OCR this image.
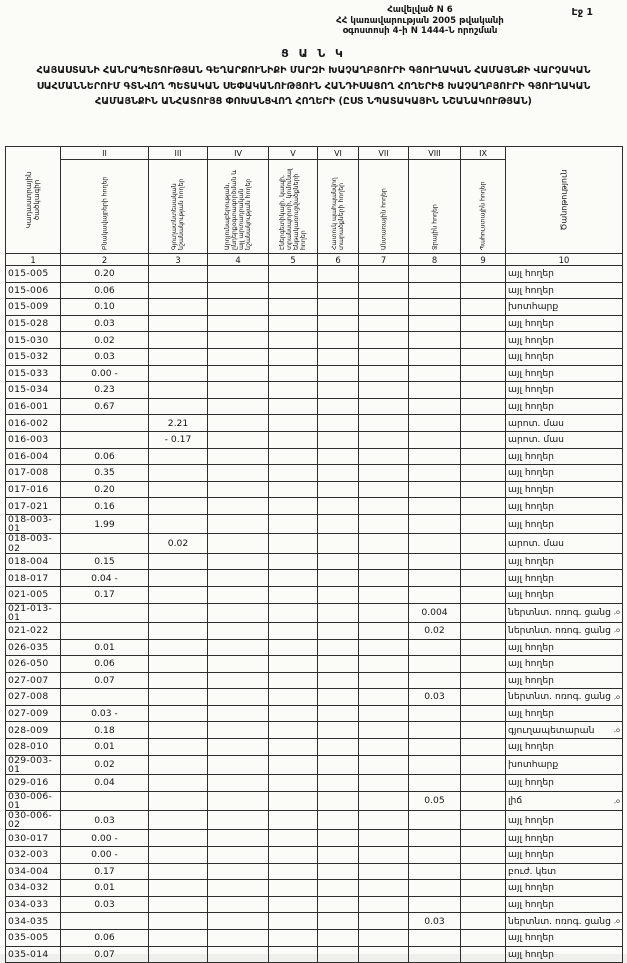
Էջ 1
Հավելված N 6
ՀՀ կառավարության 2005 թվականի
օգոստոսի 4-ի N 1444-Ն որոշման
Ց Ա Ն Կ
ՀԱՅԱՍՏԱՆԻ ՀԱՆՐԱՊԵՏՈՒԹՅԱՆ ԳԵՂԱՐՔՈՒՆԻՔԻ ՄԱՐԶԻ ԽԱՉԱՂԲՅՈՒՐԻ ԳՅՈՒՂԱԿԱՆ ՀԱՄԱՅՆՔԻ ՎԱՐՉԱԿԱՆ ՍԱՀՄԱՆՆԵՐՈՒՄ ԳՏՆՎՈՂ ՊԵՏԱԿԱՆ ՍԵՓԱԿԱՆՈՒԹՅՈՒՆ ՀԱՆԴԻՍԱՑՈՂ ՀՈՂԵՐԻՑ ԽԱՉԱՂԲՅՈՒՐԻ ԳՅՈՒՂԱԿԱՆ ՀԱՄԱՅՆՔԻՆ ԱՆՀԱՏՈՒՅՑ ՓՈԽԱՆՑՎՈՂ ՀՈՂԵՐԻ (ԸՍՏ ՆՊԱՏԱԿԱՅԻՆ ՆՇԱՆԱԿՈՒԹՅԱՆ)
Կադաստրային ծածկագիր	II	III	IV	V	VI	VII	VIII	IX	Ծանոթություն

	Բնակավայրերի հողեր	Գյուղատնտեսական նշանակության հողեր	Արդյունաբերության, ընդերքօգտագործման և այլ արտադրական նշանակության հողեր	Էներգետիկայի, կապի, տրանսպորտի, կոմունալ ենթակառուցվածքների հողեր	Հատուկ պահպանվող տարածքների հողեր	Անտառային հողեր	Ջրային հողեր	Պահուստային հողեր	

1	2	3	4	5	6	7	8	9	10
015-005	0.20								այլ հողեր

015-006	0.06								այլ հողեր

015-009	0.10								խոտհարք

015-028	0.03								այլ հողեր

015-030	0.02								այլ հողեր

015-032	0.03								այլ հողեր

015-033	0.00 -								այլ հողեր

015-034	0.23								այլ հողեր

016-001	0.67								այլ հողեր

016-002		2.21							արոտ. մաս

016-003		- 0.17							արոտ. մաս

016-004	0.06								այլ հողեր

017-008	0.35								այլ հողեր

017-016	0.20								այլ հողեր

017-021	0.16								այլ հողեր

018-003-01	1.99								այլ հողեր

018-003-02		0.02							արոտ. մաս

018-004	0.15								այլ հողեր

018-017	0.04 -								այլ հողեր

021-005	0.17								այլ հողեր

021-013-01							0.004		ներտնտ. ոռոգ. ցանց ,օ

021-022							0.02		ներտնտ. ոռոգ. ցանց ,օ

026-035	0.01								այլ հողեր

026-050	0.06								այլ հողեր

027-007	0.07								այլ հողեր

027-008							0.03		ներտնտ. ոռոգ. ցանց ,օ

027-009	0.03 -								այլ հողեր

028-009	0.18								գյուղապետարան ,օ

028-010	0.01								այլ հողեր

029-003-01	0.02								խոտհարք

029-016	0.04								այլ հողեր

030-006-01							0.05		լիճ ,օ

030-006-02	0.03								այլ հողեր

030-017	0.00 -								այլ հողեր

032-003	0.00 -								այլ հողեր

034-004	0.17								բուժ. կետ

034-032	0.01								այլ հողեր

034-033	0.03								այլ հողեր

034-035							0.03		ներտնտ. ոռոգ. ցանց ,օ

035-005	0.06								այլ հողեր

035-014	0.07								այլ հողեր
